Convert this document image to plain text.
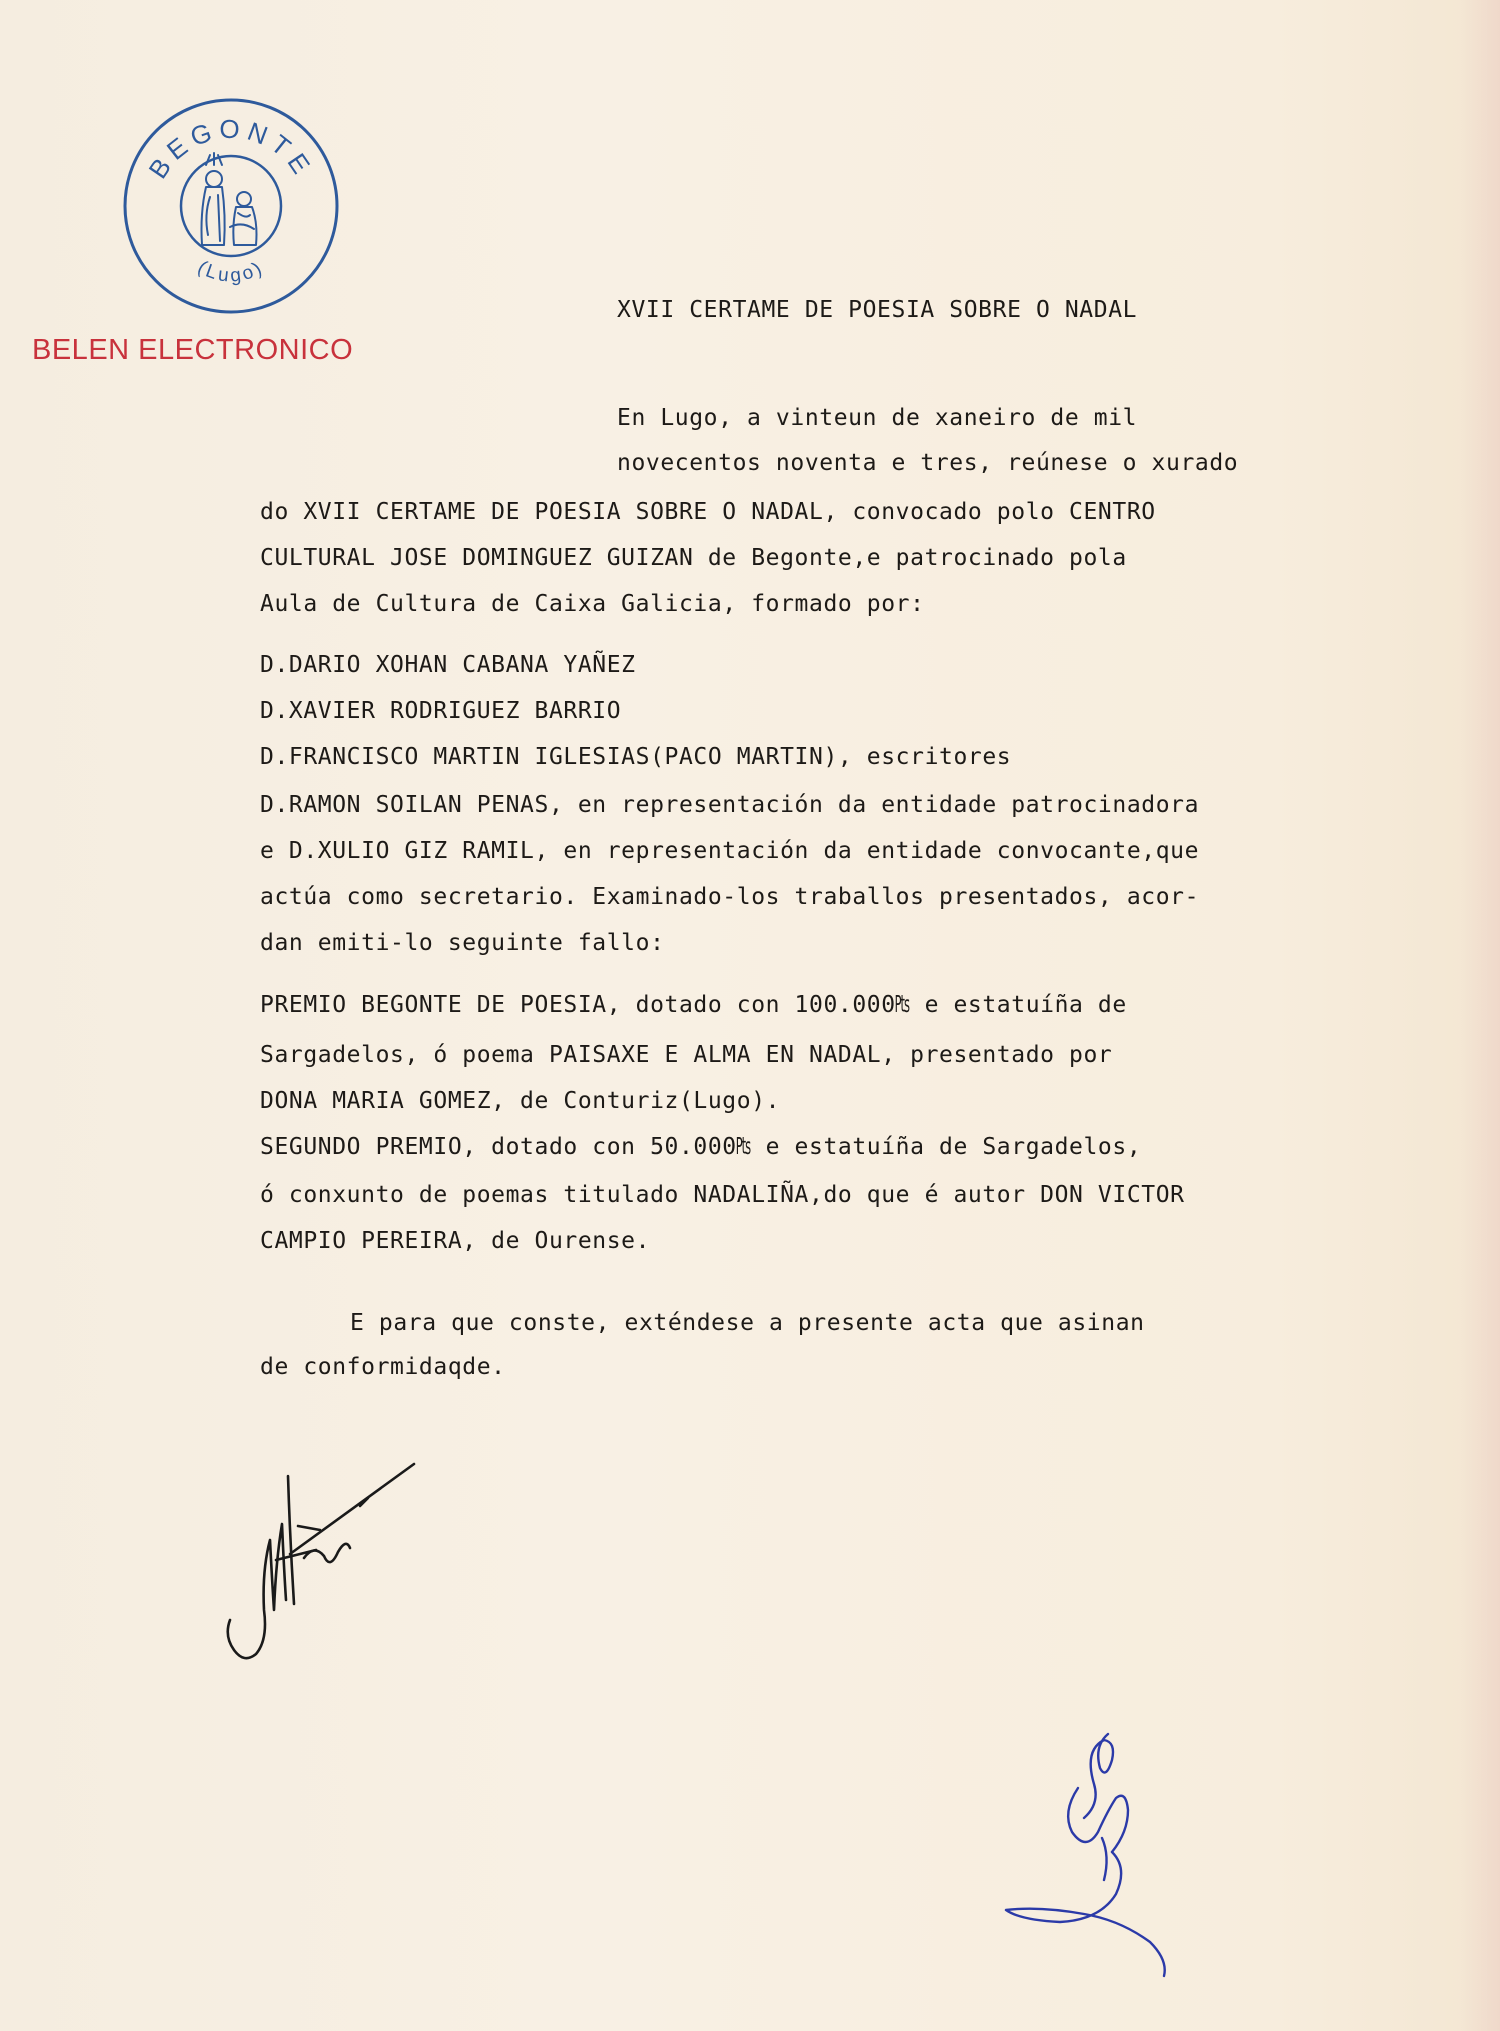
BEGONTE
(Lugo)
BELEN ELECTRONICO
XVII CERTAME DE POESIA SOBRE O NADAL
En Lugo, a vinteun de xaneiro de mil
novecentos noventa e tres, reúnese o xurado
do XVII CERTAME DE POESIA SOBRE O NADAL, convocado polo CENTRO
CULTURAL JOSE DOMINGUEZ GUIZAN de Begonte,e patrocinado pola
Aula de Cultura de Caixa Galicia, formado por:
D.DARIO XOHAN CABANA YAÑEZ
D.XAVIER RODRIGUEZ BARRIO
D.FRANCISCO MARTIN IGLESIAS(PACO MARTIN), escritores
D.RAMON SOILAN PENAS, en representación da entidade patrocinadora
e D.XULIO GIZ RAMIL, en representación da entidade convocante,que
actúa como secretario. Examinado-los traballos presentados, acor-
dan emiti-lo seguinte fallo:
PREMIO BEGONTE DE POESIA, dotado con 100.000₧ e estatuíña de
Sargadelos, ó poema PAISAXE E ALMA EN NADAL, presentado por
DONA MARIA GOMEZ, de Conturiz(Lugo).
SEGUNDO PREMIO, dotado con 50.000₧ e estatuíña de Sargadelos,
ó conxunto de poemas titulado NADALIÑA,do que é autor DON VICTOR
CAMPIO PEREIRA, de Ourense.
E para que conste, exténdese a presente acta que asinan
de conformidaqde.
